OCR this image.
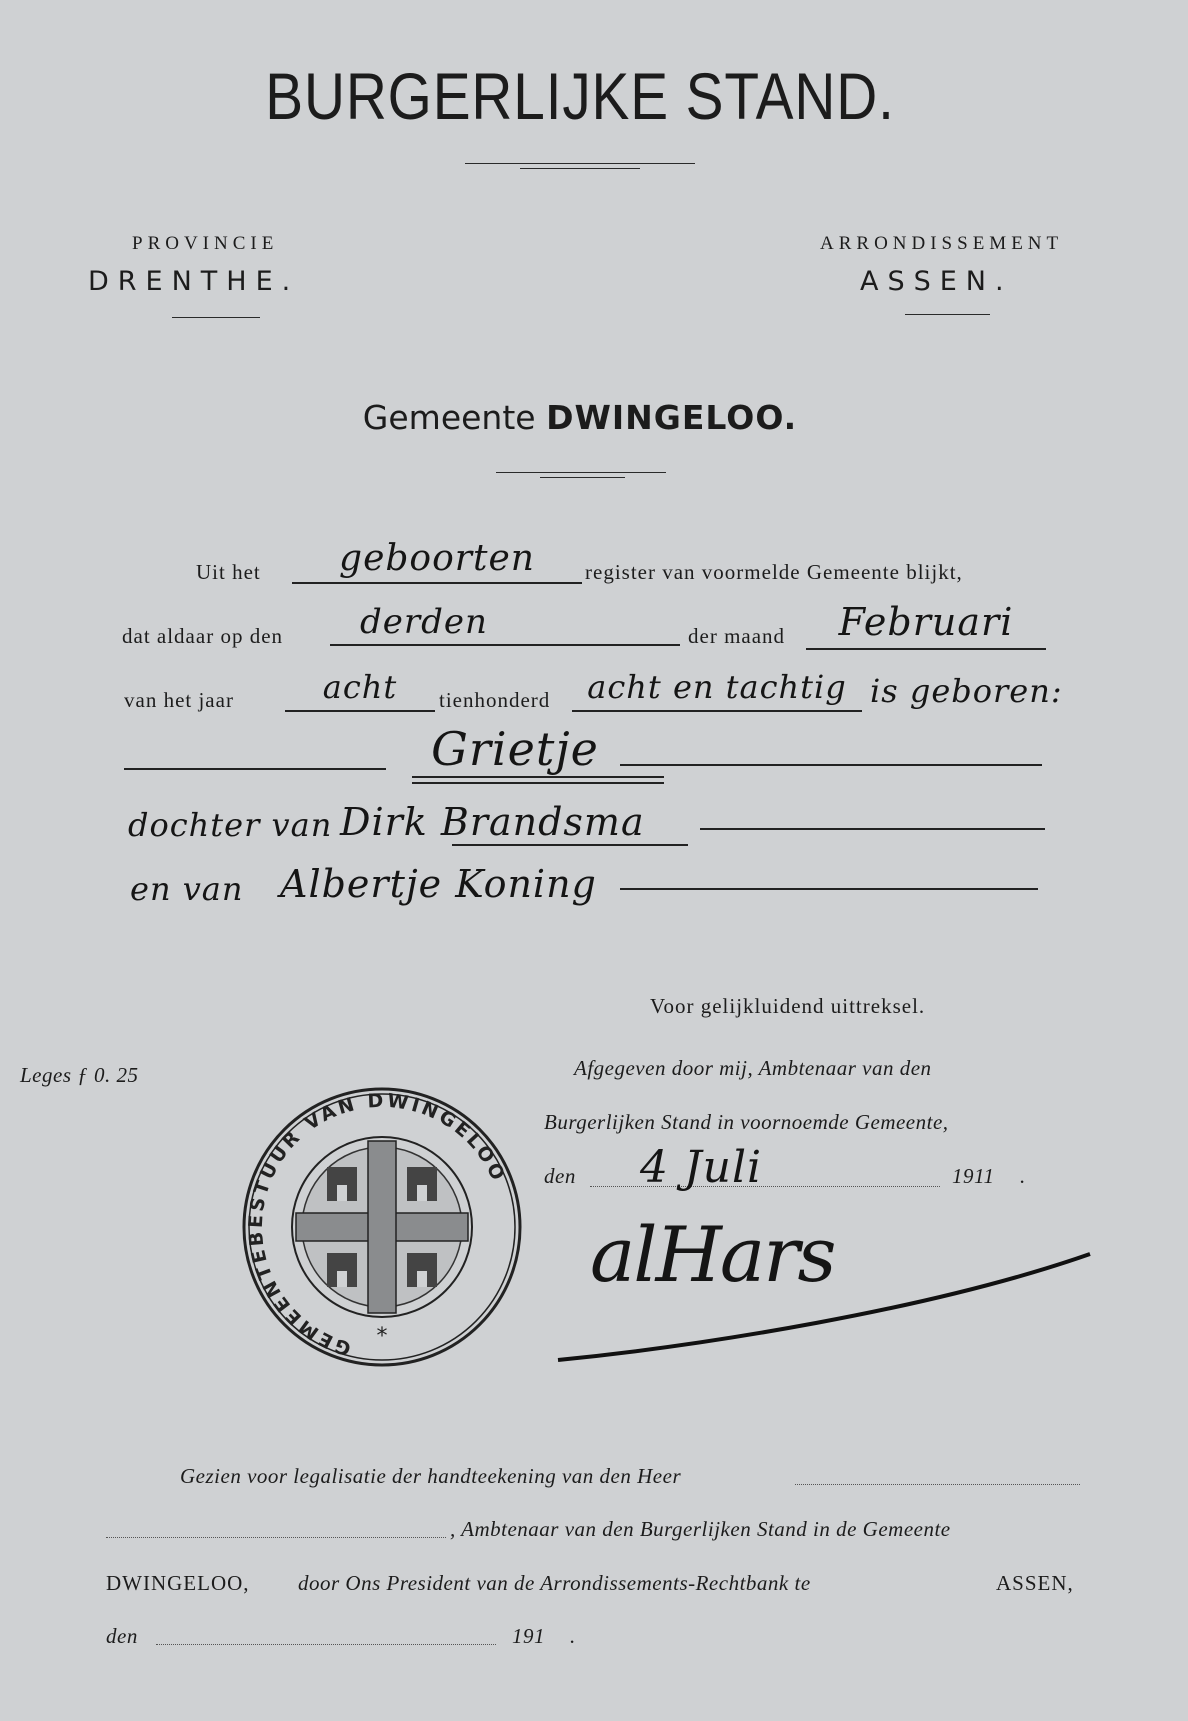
BURGERLIJKE STAND.
PROVINCIE
DRENTHE.
ARRONDISSEMENT
ASSEN.
Gemeente DWINGELOO.
Uit het	geboorten	register van voormelde Gemeente blijkt,
dat aldaar op den	derden	der maand	Februari
van het jaar	acht	tienhonderd	acht en tachtig is geboren:
Grietje
dochter van Dirk Brandsma
en van Albertje Koning
Voor gelijkluidend uittreksel.
Leges ƒ 0. 25	Afgegeven door mij, Ambtenaar van den
Burgerlijken Stand in voornoemde Gemeente,
den 4 Juli	1911 .
alHars
GEMEENTEBESTUUR VAN DWINGELOO
*
Gezien voor legalisatie der handteekening van den Heer
, Ambtenaar van den Burgerlijken Stand in de Gemeente
DWINGELOO, door Ons President van de Arrondissements-Rechtbank te	ASSEN,
den	191 .
